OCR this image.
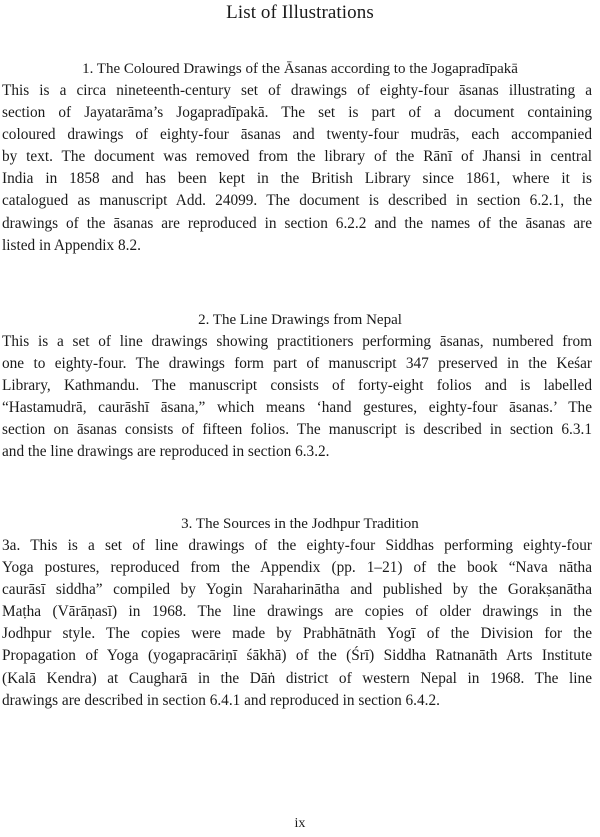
List of Illustrations
1. The Coloured Drawings of the Āsanas according to the Jogapradīpakā
This is a circa nineteenth-century set of drawings of eighty-four āsanas illustrating a
section of Jayatarāma’s Jogapradīpakā. The set is part of a document containing
coloured drawings of eighty-four āsanas and twenty-four mudrās, each accompanied
by text. The document was removed from the library of the Rānī of Jhansi in central
India in 1858 and has been kept in the British Library since 1861, where it is
catalogued as manuscript Add. 24099. The document is described in section 6.2.1, the
drawings of the āsanas are reproduced in section 6.2.2 and the names of the āsanas are
listed in Appendix 8.2.
2. The Line Drawings from Nepal
This is a set of line drawings showing practitioners performing āsanas, numbered from
one to eighty-four. The drawings form part of manuscript 347 preserved in the Keśar
Library, Kathmandu. The manuscript consists of forty-eight folios and is labelled
“Hastamudrā, caurāshī āsana,” which means ‘hand gestures, eighty-four āsanas.’ The
section on āsanas consists of fifteen folios. The manuscript is described in section 6.3.1
and the line drawings are reproduced in section 6.3.2.
3. The Sources in the Jodhpur Tradition
3a. This is a set of line drawings of the eighty-four Siddhas performing eighty-four
Yoga postures, reproduced from the Appendix (pp. 1–21) of the book “Nava nātha
caurāsī siddha” compiled by Yogin Naraharinātha and published by the Gorakṣanātha
Maṭha (Vārāṇasī) in 1968. The line drawings are copies of older drawings in the
Jodhpur style. The copies were made by Prabhātnāth Yogī of the Division for the
Propagation of Yoga (yogapracāriṇī śākhā) of the (Śrī) Siddha Ratnanāth Arts Institute
(Kalā Kendra) at Caugharā in the Dāṅ district of western Nepal in 1968. The line
drawings are described in section 6.4.1 and reproduced in section 6.4.2.
ix
